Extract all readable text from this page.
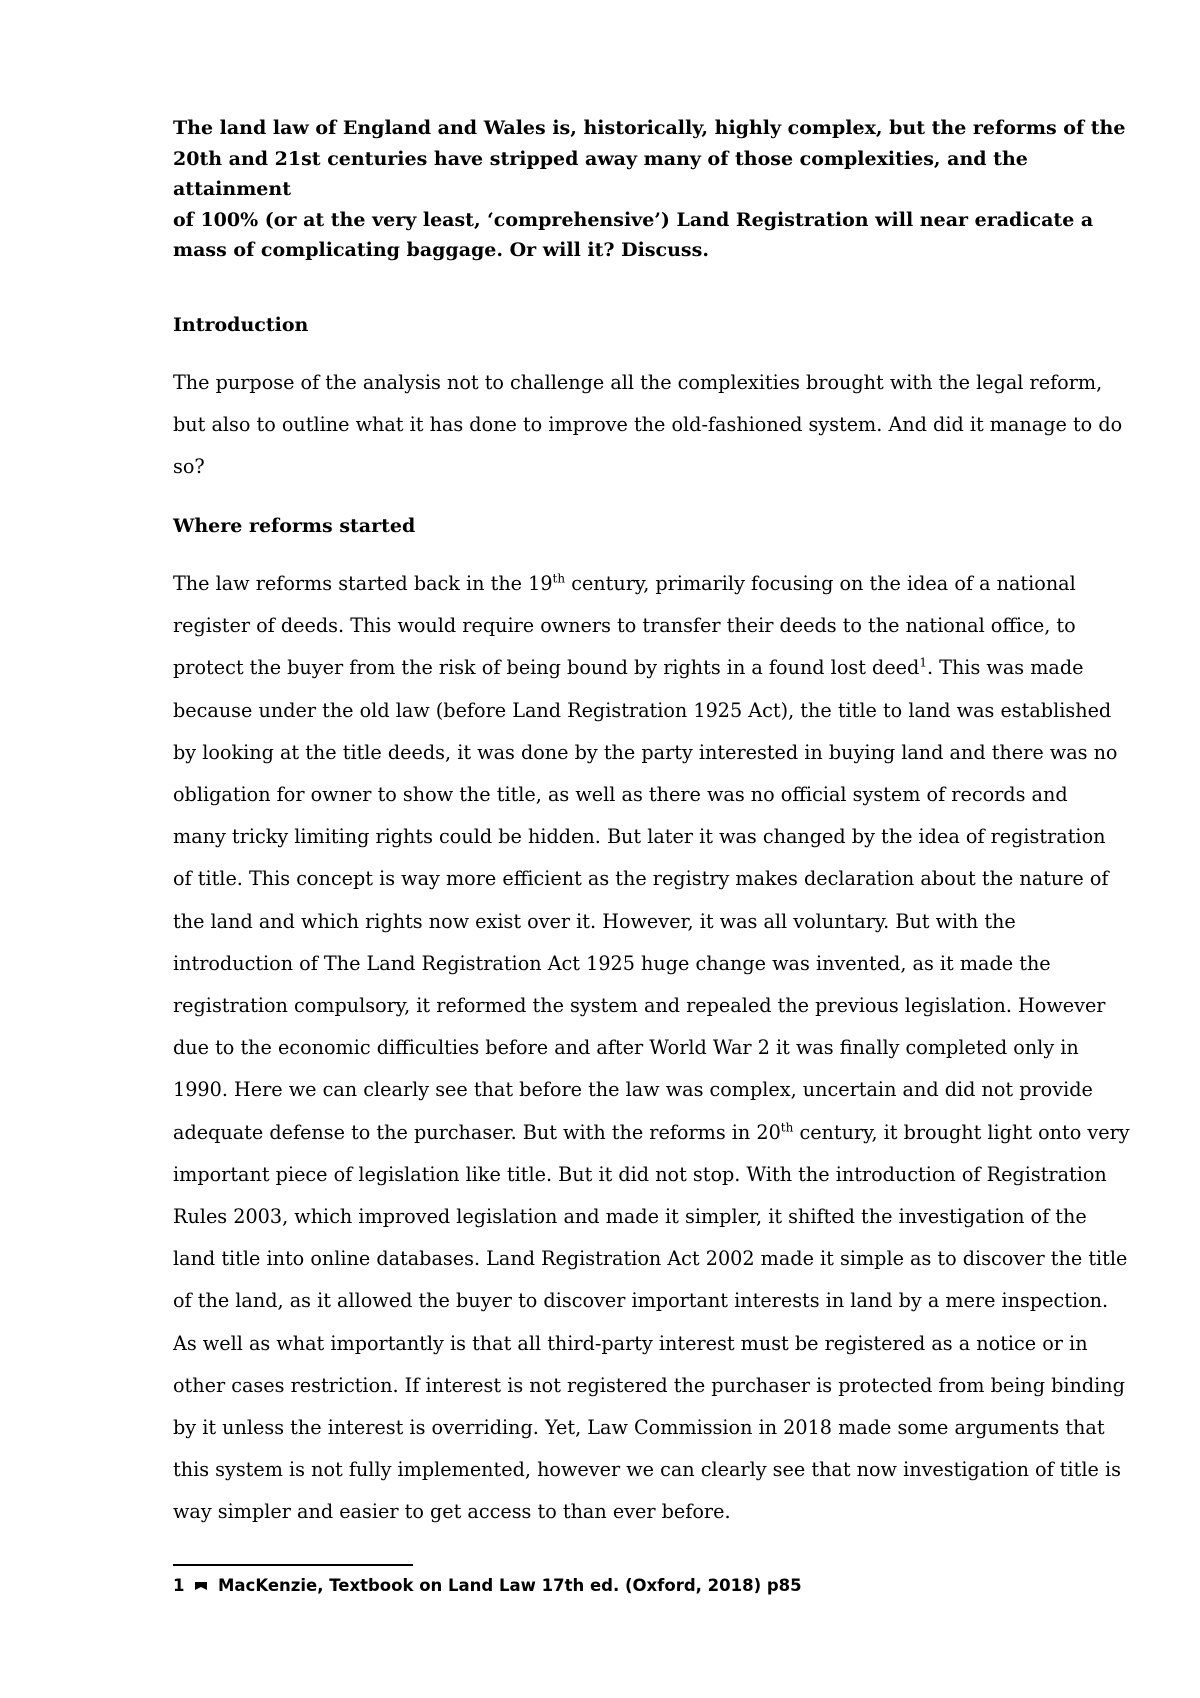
The land law of England and Wales is, historically, highly complex, but the reforms of the
20th and 21st centuries have stripped away many of those complexities, and the attainment
of 100% (or at the very least, ‘comprehensive’) Land Registration will near eradicate a
mass of complicating baggage. Or will it? Discuss.

Introduction

The purpose of the analysis not to challenge all the complexities brought with the legal reform,
but also to outline what it has done to improve the old-fashioned system. And did it manage to do
so?

Where reforms started

The law reforms started back in the 19th century, primarily focusing on the idea of a national
register of deeds. This would require owners to transfer their deeds to the national office, to
protect the buyer from the risk of being bound by rights in a found lost deed$^1$. This was made
because under the old law (before Land Registration 1925 Act), the title to land was established
by looking at the title deeds, it was done by the party interested in buying land and there was no
obligation for owner to show the title, as well as there was no official system of records and
many tricky limiting rights could be hidden. But later it was changed by the idea of registration
of title. This concept is way more efficient as the registry makes declaration about the nature of
the land and which rights now exist over it. However, it was all voluntary. But with the
introduction of The Land Registration Act 1925 huge change was invented, as it made the
registration compulsory, it reformed the system and repealed the previous legislation. However
due to the economic difficulties before and after World War 2 it was finally completed only in
1990. Here we can clearly see that before the law was complex, uncertain and did not provide
adequate defense to the purchaser. But with the reforms in 20th century, it brought light onto very
important piece of legislation like title. But it did not stop. With the introduction of Registration
Rules 2003, which improved legislation and made it simpler, it shifted the investigation of the
land title into online databases. Land Registration Act 2002 made it simple as to discover the title
of the land, as it allowed the buyer to discover important interests in land by a mere inspection.
As well as what importantly is that all third-party interest must be registered as a notice or in
other cases restriction. If interest is not registered the purchaser is protected from being binding
by it unless the interest is overriding. Yet, Law Commission in 2018 made some arguments that
this system is not fully implemented, however we can clearly see that now investigation of title is
way simpler and easier to get access to than ever before.

1 MacKenzie, Textbook on Land Law 17th ed. (Oxford, 2018) p85
